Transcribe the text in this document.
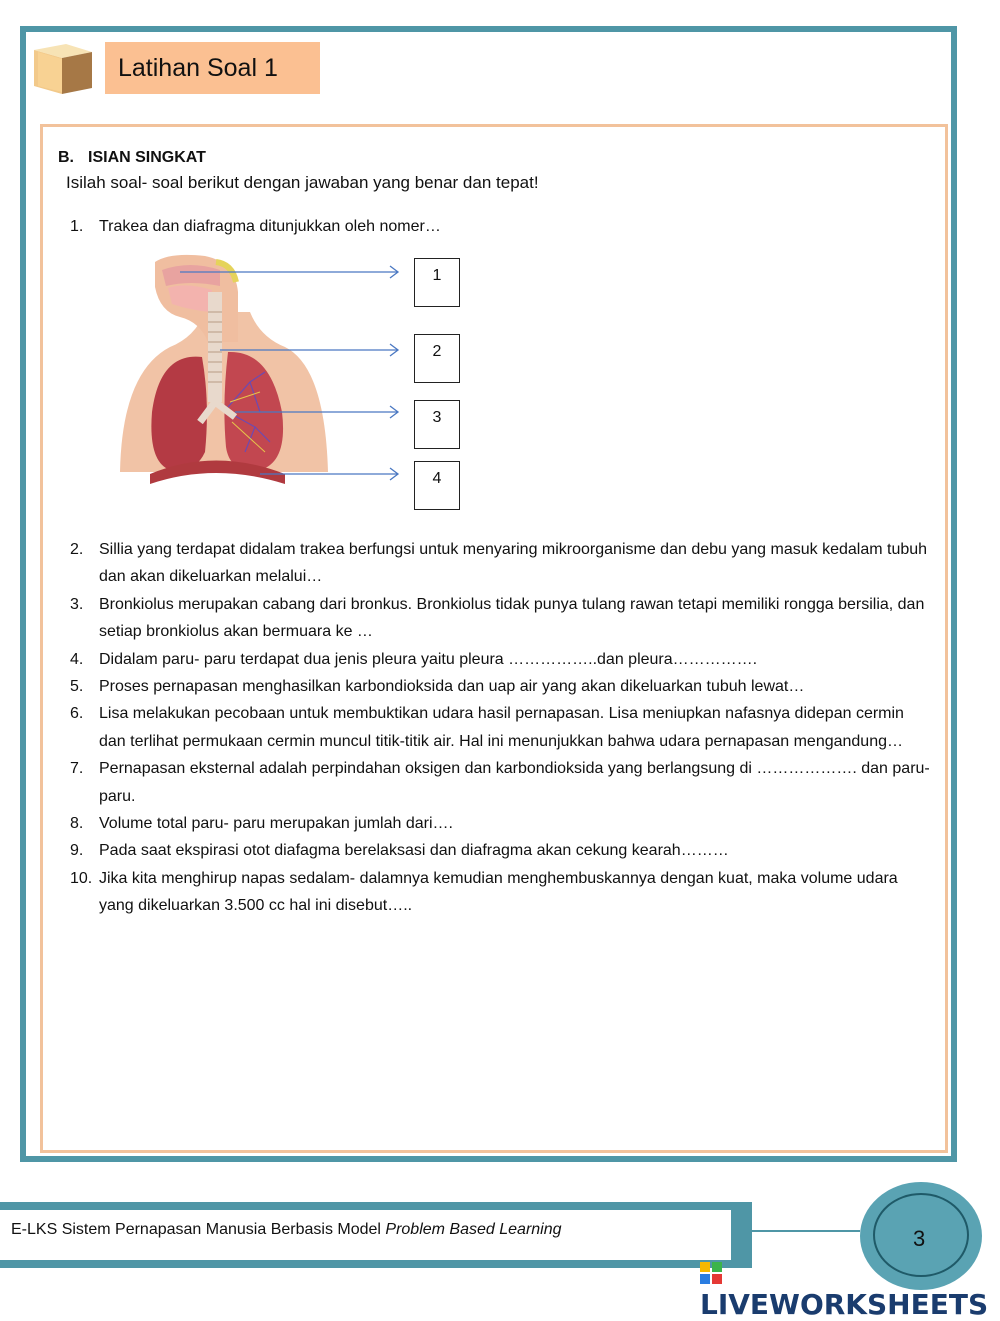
Latihan Soal 1
B. ISIAN SINGKAT
Isilah soal- soal berikut dengan jawaban yang benar dan tepat!
1. Trakea dan diafragma ditunjukkan oleh nomer…
1
2
3
4
2. Sillia yang terdapat didalam trakea berfungsi untuk menyaring mikroorganisme dan debu yang masuk kedalam tubuh dan akan dikeluarkan melalui…
3. Bronkiolus merupakan cabang dari bronkus. Bronkiolus tidak punya tulang rawan tetapi memiliki rongga bersilia, dan setiap bronkiolus akan bermuara ke …
4. Didalam paru- paru terdapat dua jenis pleura yaitu pleura ……………..dan pleura…………….
5. Proses pernapasan menghasilkan karbondioksida dan uap air yang akan dikeluarkan tubuh lewat…
6. Lisa melakukan pecobaan untuk membuktikan udara hasil pernapasan. Lisa meniupkan nafasnya didepan cermin dan terlihat permukaan cermin muncul titik-titik air. Hal ini menunjukkan bahwa udara pernapasan mengandung…
7. Pernapasan eksternal adalah perpindahan oksigen dan karbondioksida yang berlangsung di ………………. dan paru- paru.
8. Volume total paru- paru merupakan jumlah dari….
9. Pada saat ekspirasi otot diafagma berelaksasi dan diafragma akan cekung kearah………
10. Jika kita menghirup napas sedalam- dalamnya kemudian menghembuskannya dengan kuat, maka volume udara yang dikeluarkan 3.500 cc hal ini disebut…..
E-LKS Sistem Pernapasan Manusia Berbasis Model Problem Based Learning	3
LIVEWORKSHEETS
